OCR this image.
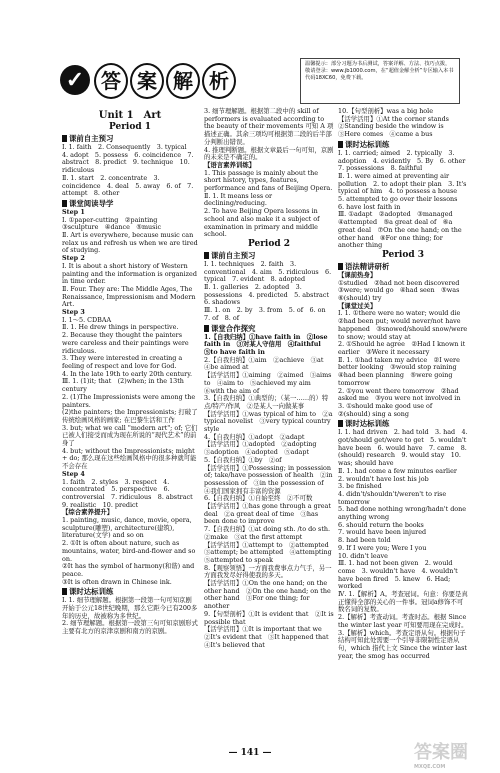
✓ 答 案 解 析
温馨提示：部分习题为书后测试，答案详解、方法、技巧点拨，敬请登录：www.jb1000.com，在“超值金解全析”专区输入本书代码18XC60，免费下载。
Unit 1　Art
Period 1
课前自主预习

Ⅰ. 1. faith　2. Consequently　3. typical　4. adopt　5. possess　6. coincidence　7. abstract　8. predict　9. technique　10. ridiculous

Ⅱ. 1. start　2. concentrate　3. coincidence　4. deal　5. away　6. of　7. attempt　8. other

课堂阅读导学

Step 1

Ⅰ. ①paper-cutting　②painting　③sculpture　④dance　⑤music

Ⅱ. Art is everywhere, because music can relax us and refresh us when we are tired of studying.

Step 2

Ⅰ. It is about a short history of Western painting and the information is organized in time order.

Ⅱ. Four. They are: The Middle Ages, The Renaissance, Impressionism and Modern Art.

Step 3

Ⅰ. 1～5. CDBAA

Ⅱ. 1. He drew things in perspective.

2. Because they thought the painters were careless and their paintings were ridiculous.

3. They were interested in creating a feeling of respect and love for God.

4. In the late 19th to early 20th century.

Ⅲ. 1. (1)it; that　(2)when; in the 13th century

2. (1)The Impressionists were among the painters.

(2)the painters; the Impressionists; 打破了传统绘画风格的画家; 在巴黎生活和工作

3. but; what we call "modern art"; of; 它们已被人们接受而成为现在所说的“现代艺术”的前身了

4. but; without the Impressionists; might + do; 那么现在这些绘画风格中的很多种就可能不会存在

Step 4

1. faith　2. styles　3. respect　4. concentrated　5. perspective　6. controversial　7. ridiculous　8. abstract　9. realistic　10. predict

【综合素养提升】

1. painting, music, dance, movie, opera, sculpture(雕塑), architecture(建筑), literature(文学) and so on

2. ①It is often about nature, such as mountains, water, bird-and-flower and so on.

②It has the symbol of harmony(和谐) and peace.

③It is often drawn in Chinese ink.

课时达标训练

Ⅰ. 1. 细节理解题。根据第一段第一句可知京剧开始于公元18世纪晚期，那么它距今已有200多年的历史，故被称为多世纪。

2. 细节理解题。根据第一段第三句可知京剧形式主要有北方的京津京剧和南方的京剧。

3. 细节理解题。根据第二段中的 skill of performers is evaluated according to the beauty of their movements 可知 A 项描述正确。其余三项均可根据第二段的后半部分判断出错误。

4. 推理判断题。根据文章最后一句可知，京剧的未来是不确定的。

【语言素养训练】

1. This passage is mainly about the short history, types, features, performance and fans of Beijing Opera.

Ⅱ. 1. It means less or declining/reducing.

2. To have Beijing Opera lessons in school and also make it a subject of examination in primary and middle school.

Period 2
课前自主预习

Ⅰ. 1. techniques　2. faith　3. conventional　4. aim　5. ridiculous　6. typical　7. evident　8. adopted

Ⅱ. 1. galleries　2. adopted　3. possessions　4. predicted　5. abstract　6. shadows

Ⅲ. 1. on　2. by　3. from　5. of　6. on　7. of　8. of

课堂合作探究

1.【自我归纳】①have faith in　②lose faith in　③对某人守信用　④faithful　⑤to have faith in

2.【自我归纳】①aim　②achieve　③at　④be aimed at

【活学活用】①aiming　②aimed　③aims to　④aim to　⑤achieved my aim　⑥with the aim of

3.【自我归纳】①典型的；（某一……的）特点/特产/作风　②是某人一向做某事

【活学活用】①was typical of him to　②a typical novelist　③very typical country style

4.【自我归纳】①adopt　②adapt

【活学活用】①adopted　②adopting　③adoption　④adopted　⑤adapt

5.【自我归纳】①by　②of

【活学活用】①Possessing; in possession of; take/have possession of health　②in possession of　③in the possession of　④我们国家拥有丰富的资源

6.【自我归纳】①自始至终　②不可数

【活学活用】①has gone through a great deal　②a great deal of time　③has been done to improve

7.【自我归纳】①at doing sth. /to do sth.　②make　③at the first attempt

【活学活用】①attempt to　②attempted　③attempt; be attempted　④attempting　⑤attempted to speak

8.【观察领悟】一方面我费事点力气手，另一方面我发尽好得使我的多天。

【活学活用】①On the one hand; on the other hand　②On the one hand; on the other hand　③For one thing; for another

9.【句型剖析】①It is evident that　②It is possible that

【活学活用】①It is important that we　②It's evident that　③It happened that　④It's believed that

10.【句型剖析】was a big hole

【活学活用】①At the corner stands　②Standing beside the window is　③Here comes　④came a bus

课时达标训练

Ⅰ. 1. carried; aimed　2. typically　3. adoption　4. evidently　5. By　6. other　7. possessions　8. faithful

Ⅱ. 1. were aimed at preventing air pollution　2. to adopt their plan　3. It's typical of him　4. to possess a house　5. attempted to go over their lessons　6. have lost faith in

Ⅲ. ①adapt　②adopted　③managed　④attempted　⑤a great deal of　⑥a great deal　⑦On the one hand; on the other hand　⑧For one thing; for another thing

Period 3
语法精讲研析

【课前热身】

①studied　②had not been discovered　③were; would go　④had seen　⑤was　⑥(should) try

【课堂过关】

Ⅰ. 1. ①there were no water; would die　②had been put; would never/not have happened　③snowed/should snow/were to snow; would stay at

2. ①Should he agree　②Had I known it earlier　③Were it necessary

Ⅱ. 1. ①had taken my advice　②I were better looking　③would stop raining　④had been planning　⑤were going tomorrow

2. ①you went there tomorrow　②had asked me　③you were not involved in

3. ①should make good use of　②(should) sing a song

课时达标训练

Ⅰ. 1. had driven　2. had told　3. had　4. got/should get/were to get　5. wouldn't have been　6. would have　7. came　8. (should) research　9. would stay　10. was; should have

Ⅱ. 1. had come a few minutes earlier

2. wouldn't have lost his job

3. be finished

4. didn't/shouldn't/weren't to rise tomorrow

5. had done nothing wrong/hadn't done anything wrong

6. should return the books

7. would have been injured

8. had been told

9. If I were you; Were I you

10. didn't leave

Ⅲ. 1. had not been given　2. would come　3. wouldn't have　4. wouldn't have been fired　5. knew　6. Had; worked

Ⅳ. 1.【解析】A。考查冠词。句意：你要是真正懂得全部的关心的一件事。冠词a修饰不可数名词的复数。

2.【解析】考查动词。考查时态。根据 Since the winter last year 可知要用现在完成时。

3.【解析】which。考查定语从句。根据句子结构可知此处需要一个引导非限制性定语从句，which 指代上文 Since the winter last year, the smog has occurred

— 141 —	答案圈
MXQE.COM
